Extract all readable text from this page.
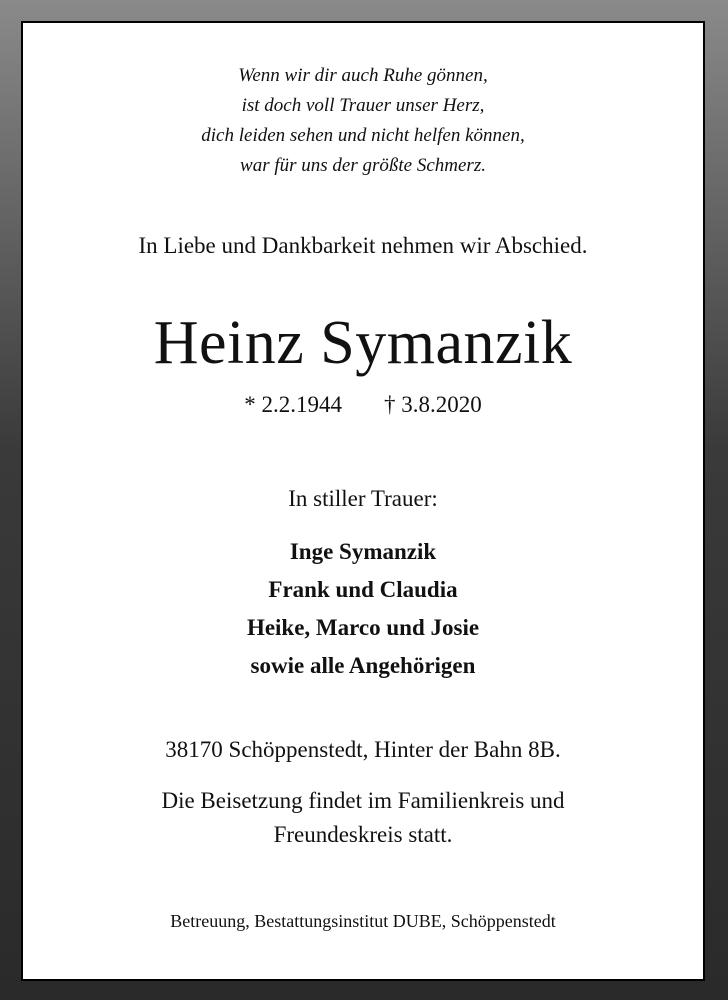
Wenn wir dir auch Ruhe gönnen,
ist doch voll Trauer unser Herz,
dich leiden sehen und nicht helfen können,
war für uns der größte Schmerz.
In Liebe und Dankbarkeit nehmen wir Abschied.
Heinz Symanzik
* 2.2.1944 † 3.8.2020
In stiller Trauer:
Inge Symanzik
Frank und Claudia
Heike, Marco und Josie
sowie alle Angehörigen
38170 Schöppenstedt, Hinter der Bahn 8B.
Die Beisetzung findet im Familienkreis und
Freundeskreis statt.
Betreuung, Bestattungsinstitut DUBE, Schöppenstedt
